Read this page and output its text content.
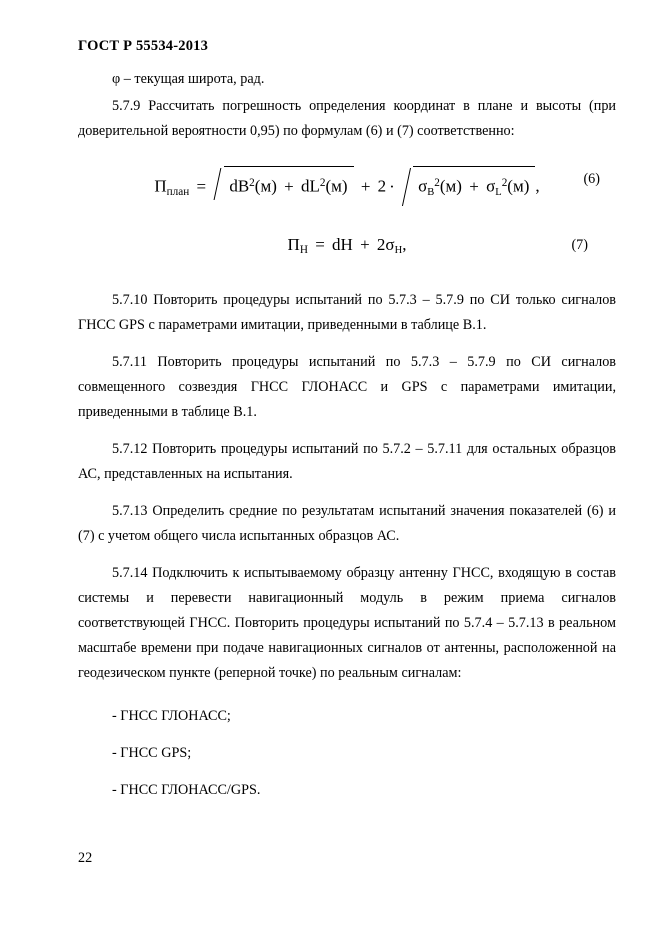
ГОСТ Р 55534-2013

φ – текущая широта, рад.

5.7.9 Рассчитать погрешность определения координат в плане и высоты (при доверительной вероятности 0,95) по формулам (6) и (7) соответственно:

$П_{план} = dB^2(м) + dL^2(м) + 2 \cdot \sigma_B^2(м) + \sigma_L^2(м)$ ,	(6)
$П_Н$ = dH + $2\sigma_Н$,	(7)

5.7.10 Повторить процедуры испытаний по 5.7.3 – 5.7.9 по СИ только сигналов ГНСС GPS с параметрами имитации, приведенными в таблице В.1.

5.7.11 Повторить процедуры испытаний по 5.7.3 – 5.7.9 по СИ сигналов совмещенного созвездия ГНСС ГЛОНАСС и GPS с параметрами имитации, приведенными в таблице В.1.

5.7.12 Повторить процедуры испытаний по 5.7.2 – 5.7.11 для остальных образцов АС, представленных на испытания.

5.7.13 Определить средние по результатам испытаний значения показателей (6) и (7) с учетом общего числа испытанных образцов АС.

5.7.14 Подключить к испытываемому образцу антенну ГНСС, входящую в состав системы и перевести навигационный модуль в режим приема сигналов соответствующей ГНСС. Повторить процедуры испытаний по 5.7.4 – 5.7.13 в реальном масштабе времени при подаче навигационных сигналов от антенны, расположенной на геодезическом пункте (реперной точке) по реальным сигналам:

- ГНСС ГЛОНАСС;

- ГНСС GPS;

- ГНСС ГЛОНАСС/GPS.

22
